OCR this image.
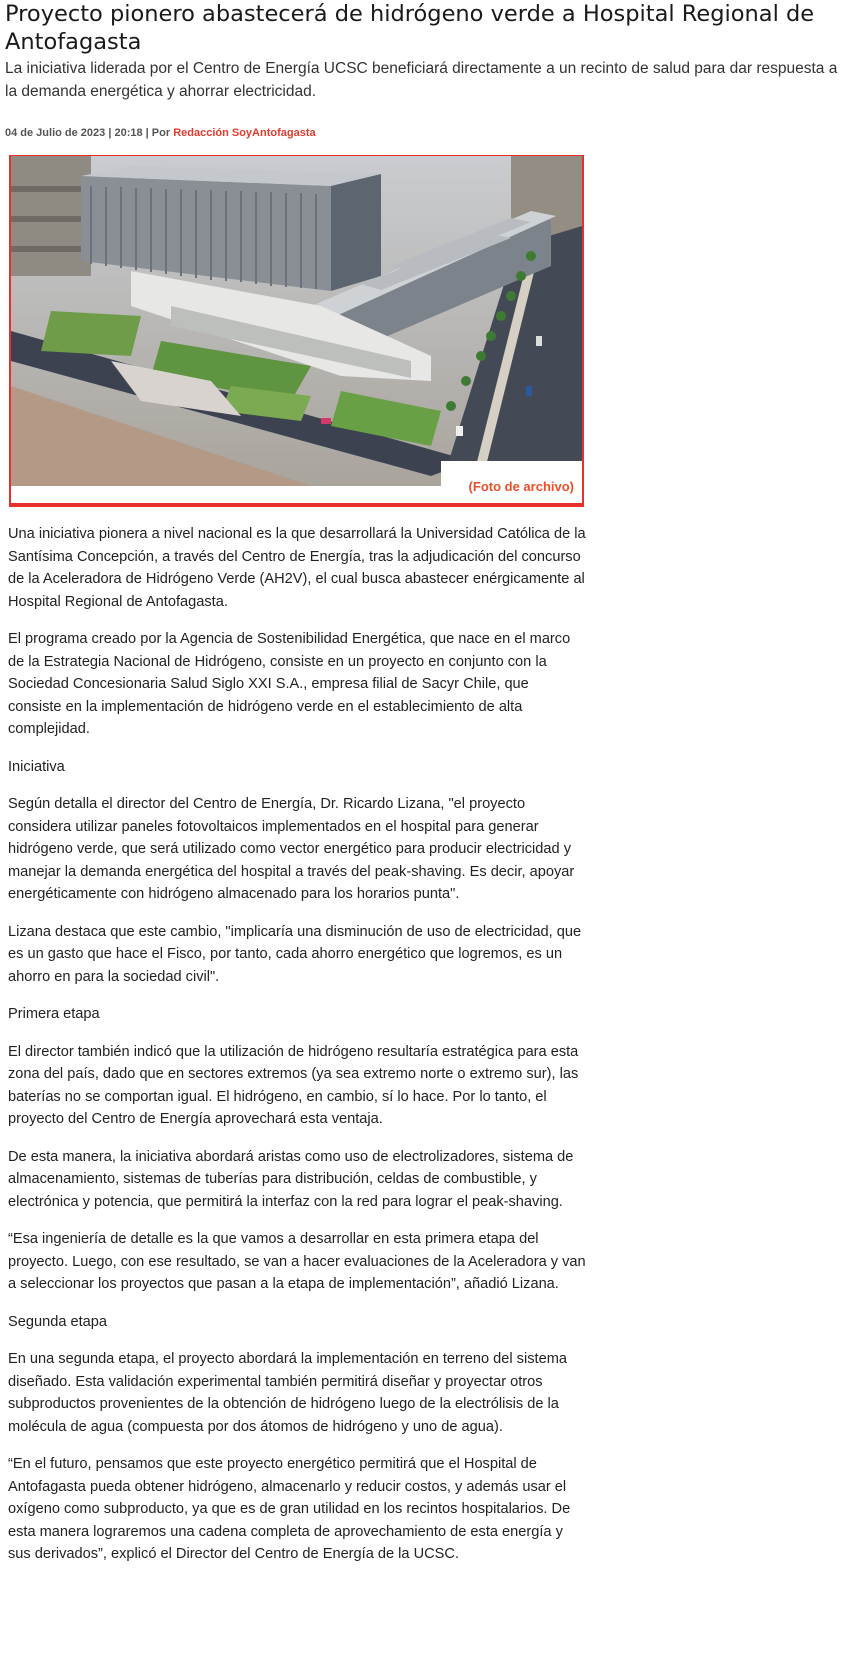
Proyecto pionero abastecerá de hidrógeno verde a Hospital Regional de Antofagasta

La iniciativa liderada por el Centro de Energía UCSC beneficiará directamente a un recinto de salud para dar respuesta a la demanda energética y ahorrar electricidad.

04 de Julio de 2023 | 20:18 | Por Redacción SoyAntofagasta

(Foto de archivo)

Una iniciativa pionera a nivel nacional es la que desarrollará la Universidad Católica de la Santísima Concepción, a través del Centro de Energía, tras la adjudicación del concurso de la Aceleradora de Hidrógeno Verde (AH2V), el cual busca abastecer enérgicamente al Hospital Regional de Antofagasta.

El programa creado por la Agencia de Sostenibilidad Energética, que nace en el marco de la Estrategia Nacional de Hidrógeno, consiste en un proyecto en conjunto con la Sociedad Concesionaria Salud Siglo XXI S.A., empresa filial de Sacyr Chile, que consiste en la implementación de hidrógeno verde en el establecimiento de alta complejidad.

Iniciativa

Según detalla el director del Centro de Energía, Dr. Ricardo Lizana, "el proyecto considera utilizar paneles fotovoltaicos implementados en el hospital para generar hidrógeno verde, que será utilizado como vector energético para producir electricidad y manejar la demanda energética del hospital a través del peak-shaving. Es decir, apoyar energéticamente con hidrógeno almacenado para los horarios punta".

Lizana destaca que este cambio, "implicaría una disminución de uso de electricidad, que es un gasto que hace el Fisco, por tanto, cada ahorro energético que logremos, es un ahorro en para la sociedad civil".

Primera etapa

El director también indicó que la utilización de hidrógeno resultaría estratégica para esta zona del país, dado que en sectores extremos (ya sea extremo norte o extremo sur), las baterías no se comportan igual. El hidrógeno, en cambio, sí lo hace. Por lo tanto, el proyecto del Centro de Energía aprovechará esta ventaja.

De esta manera, la iniciativa abordará aristas como uso de electrolizadores, sistema de almacenamiento, sistemas de tuberías para distribución, celdas de combustible, y electrónica y potencia, que permitirá la interfaz con la red para lograr el peak-shaving.

“Esa ingeniería de detalle es la que vamos a desarrollar en esta primera etapa del proyecto. Luego, con ese resultado, se van a hacer evaluaciones de la Aceleradora y van a seleccionar los proyectos que pasan a la etapa de implementación”, añadió Lizana.

Segunda etapa

En una segunda etapa, el proyecto abordará la implementación en terreno del sistema diseñado. Esta validación experimental también permitirá diseñar y proyectar otros subproductos provenientes de la obtención de hidrógeno luego de la electrólisis de la molécula de agua (compuesta por dos átomos de hidrógeno y uno de agua).

“En el futuro, pensamos que este proyecto energético permitirá que el Hospital de Antofagasta pueda obtener hidrógeno, almacenarlo y reducir costos, y además usar el oxígeno como subproducto, ya que es de gran utilidad en los recintos hospitalarios. De esta manera lograremos una cadena completa de aprovechamiento de esta energía y sus derivados”, explicó el Director del Centro de Energía de la UCSC.
